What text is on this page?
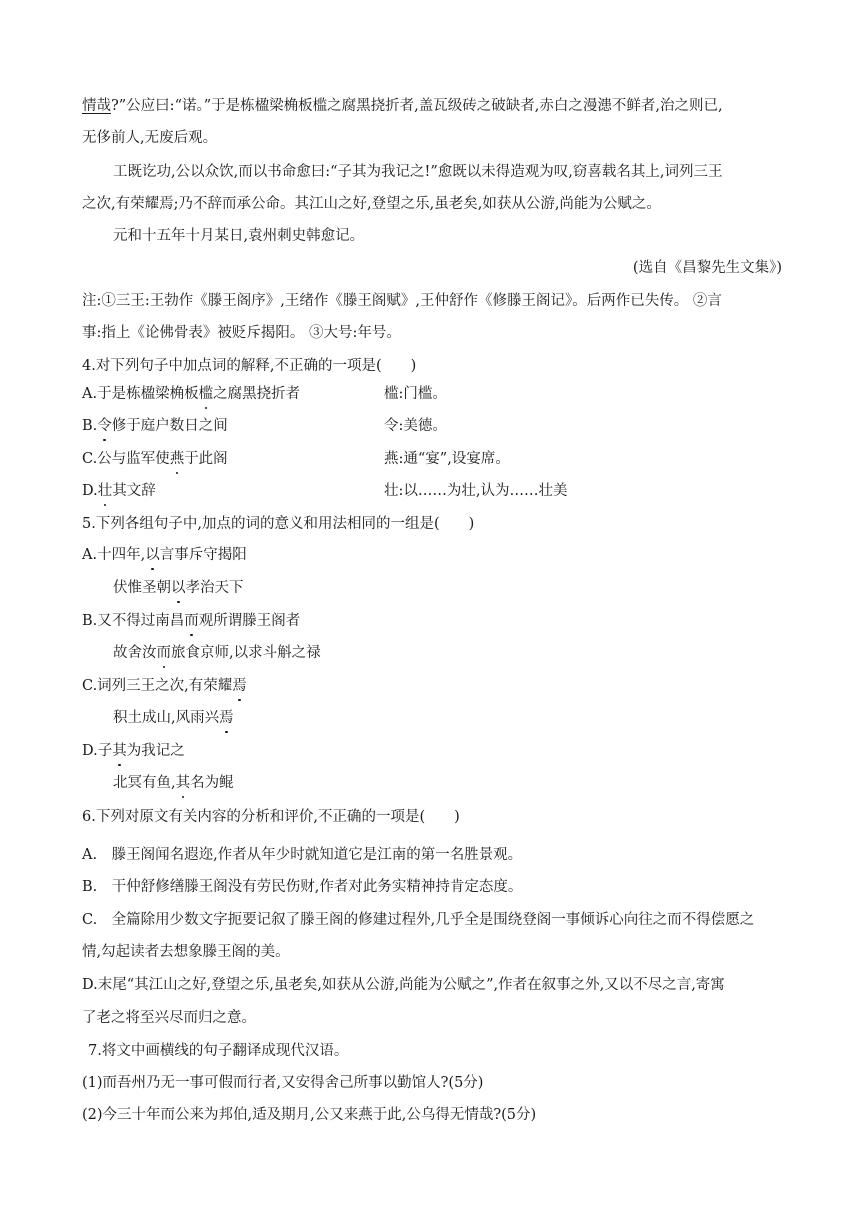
情哉?”公应曰:“诺。”于是栋楹梁桷板槛之腐黑挠折者,盖瓦级砖之破缺者,赤白之漫漶不鲜者,治之则已,
无侈前人,无废后观。
工既讫功,公以众饮,而以书命愈曰:“子其为我记之!”愈既以未得造观为叹,窃喜载名其上,词列三王
之次,有荣耀焉;乃不辞而承公命。其江山之好,登望之乐,虽老矣,如获从公游,尚能为公赋之。
元和十五年十月某日,袁州刺史韩愈记。
(选自《昌黎先生文集》)
注:①三王:王勃作《滕王阁序》,王绪作《滕王阁赋》,王仲舒作《修滕王阁记》。后两作已失传。 ②言
事:指上《论佛骨表》被贬斥揭阳。 ③大号:年号。
4.对下列句子中加点词的解释,不正确的一项是(　　)
A.于是栋楹梁桷板槛之腐黑挠折者	槛:门槛。
B.令修于庭户数日之间	令:美德。
C.公与监军使燕于此阁	燕:通“宴”,设宴席。
D.壮其文辞	壮:以……为壮,认为……壮美
5.下列各组句子中,加点的词的意义和用法相同的一组是(　　)
A.十四年,以言事斥守揭阳
伏惟圣朝以孝治天下
B.又不得过南昌而观所谓滕王阁者
故舍汝而旅食京师,以求斗斛之禄
C.词列三王之次,有荣耀焉
积土成山,风雨兴焉
D.子其为我记之
北冥有鱼,其名为鲲
6.下列对原文有关内容的分析和评价,不正确的一项是(　　)
A.　滕王阁闻名遐迩,作者从年少时就知道它是江南的第一名胜景观。
B.　干仲舒修缮滕王阁没有劳民伤财,作者对此务实精神持肯定态度。
C.　全篇除用少数文字扼要记叙了滕王阁的修建过程外,几乎全是围绕登阁一事倾诉心向往之而不得偿愿之
情,勾起读者去想象滕王阁的美。
D.末尾“其江山之好,登望之乐,虽老矣,如获从公游,尚能为公赋之”,作者在叙事之外,又以不尽之言,寄寓
了老之将至兴尽而归之意。
7.将文中画横线的句子翻译成现代汉语。
(1)而吾州乃无一事可假而行者,又安得舍己所事以勤馆人?(5分)
(2)今三十年而公来为邦伯,适及期月,公又来燕于此,公乌得无情哉?(5分)
